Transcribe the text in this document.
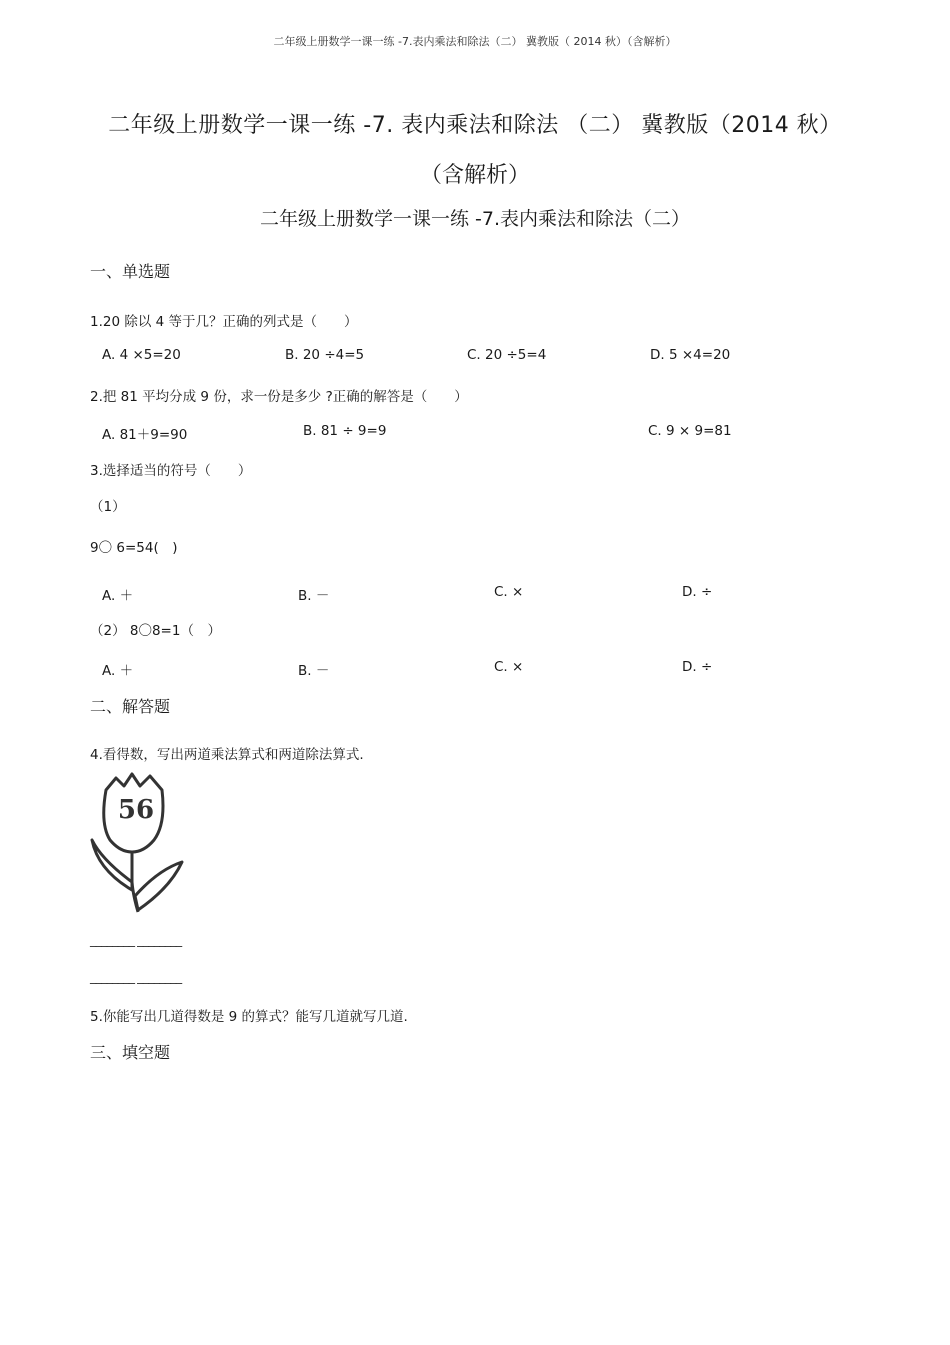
二年级上册数学一课一练 -7.表内乘法和除法（二） 冀教版（ 2014 秋）（含解析）
二年级上册数学一课一练 -7. 表内乘法和除法 （二） 冀教版（2014 秋）
（含解析）
二年级上册数学一课一练 -7.表内乘法和除法（二）
一、单选题
1.20 除以 4 等于几？正确的列式是（　　）
A. 4 ×5=20	B. 20 ÷4=5	C. 20 ÷5=4	D. 5 ×4=20
2.把 81 平均分成 9 份，求一份是多少 ?正确的解答是（　　）
A. 81＋9=90	B. 81 ÷ 9=9	C. 9 × 9=81
3.选择适当的符号（　　）
（1）
9〇 6=54(　)
A. ＋	B. －	C. ×	D. ÷
（2） 8〇8=1（　）
A. ＋	B. －	C. ×	D. ÷
二、解答题
4.看得数，写出两道乘法算式和两道除法算式.
56
________ ________
________ ________
5.你能写出几道得数是 9 的算式？能写几道就写几道.
三、填空题
